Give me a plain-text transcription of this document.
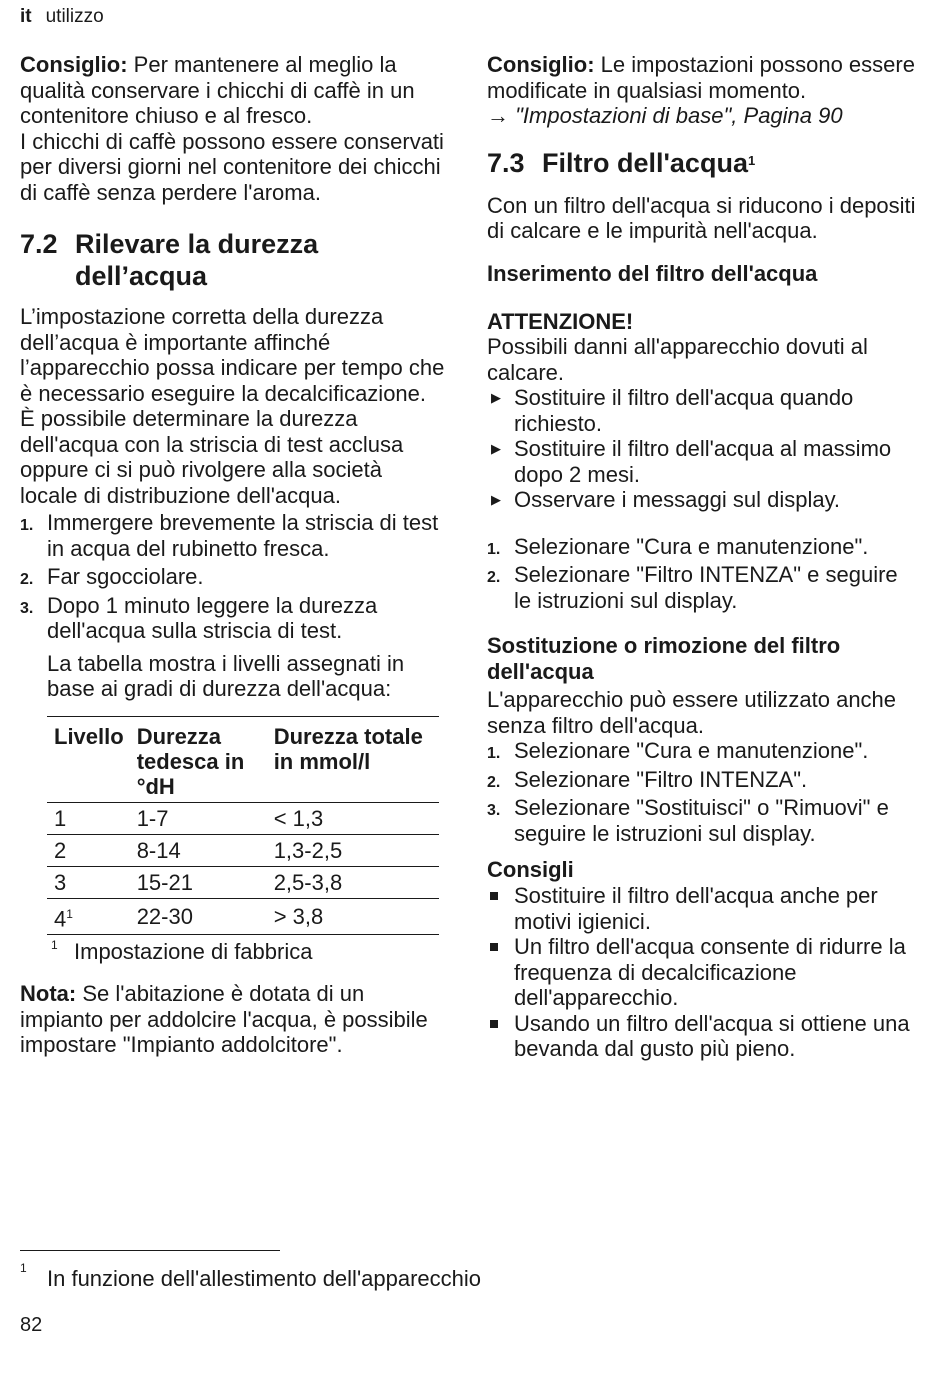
it utilizzo

Consiglio: Per mantenere al meglio la qualità conservare i chicchi di caffè in un contenitore chiuso e al fresco.

I chicchi di caffè possono essere conservati per diversi giorni nel contenitore dei chicchi di caffè senza perdere l'aroma.

7.2 Rilevare la durezza dell’acqua

L’impostazione corretta della durezza dell’acqua è importante affinché l’apparecchio possa indicare per tempo che è necessario eseguire la decalcificazione. È possibile determinare la durezza dell'acqua con la striscia di test acclusa oppure ci si può rivolgere alla società locale di distribuzione dell'acqua.

1. Immergere brevemente la striscia di test in acqua del rubinetto fresca.
2. Far sgocciolare.
3. Dopo 1 minuto leggere la durezza dell'acqua sulla striscia di test.

La tabella mostra i livelli assegnati in base ai gradi di durezza dell'acqua:

Livello	Durezza tedesca in °dH	Durezza totale in mmol/l
1	1-7	< 1,3
2	8-14	1,3-2,5
3	15-21	2,5-3,8
$4^1$	22-30	> 3,8

1 Impostazione di fabbrica

Nota: Se l'abitazione è dotata di un impianto per addolcire l'acqua, è possibile impostare "Impianto addolcitore".

Consiglio: Le impostazioni possono essere modificate in qualsiasi momento.

→ "Impostazioni di base", Pagina 90

7.3 Filtro dell'acqua$^1$

Con un filtro dell'acqua si riducono i depositi di calcare e le impurità nell'acqua.

Inserimento del filtro dell'acqua

ATTENZIONE!

Possibili danni all'apparecchio dovuti al calcare.

▶ Sostituire il filtro dell'acqua quando richiesto.
▶ Sostituire il filtro dell'acqua al massimo dopo 2 mesi.
▶ Osservare i messaggi sul display.
1. Selezionare "Cura e manutenzione".
2. Selezionare "Filtro INTENZA" e seguire le istruzioni sul display.
Sostituzione o rimozione del filtro dell'acqua

L'apparecchio può essere utilizzato anche senza filtro dell'acqua.

1. Selezionare "Cura e manutenzione".
2. Selezionare "Filtro INTENZA".
3. Selezionare "Sostituisci" o "Rimuovi" e seguire le istruzioni sul display.
Consigli
Sostituire il filtro dell'acqua anche per motivi igienici.
Un filtro dell'acqua consente di ridurre la frequenza di decalcificazione dell'apparecchio.
Usando un filtro dell'acqua si ottiene una bevanda dal gusto più pieno.

1 In funzione dell'allestimento dell'apparecchio

82
